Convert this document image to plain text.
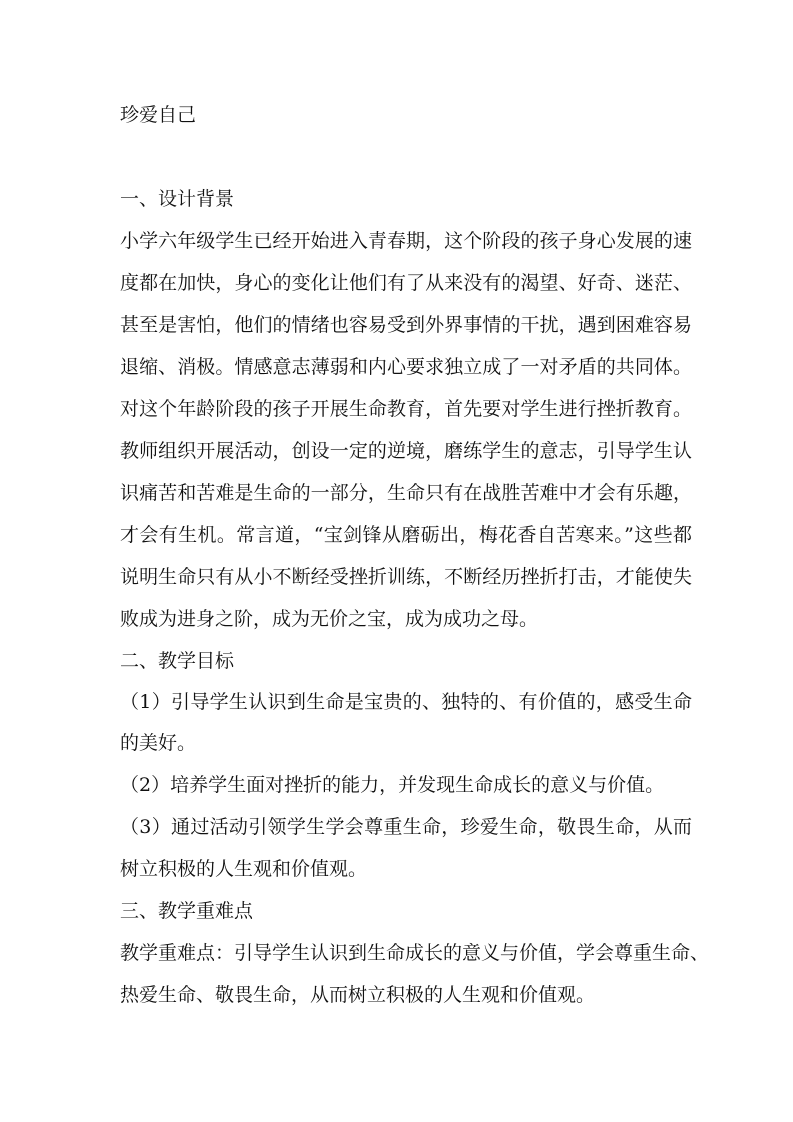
珍爱自己
一、设计背景
小学六年级学生已经开始进入青春期，这个阶段的孩子身心发展的速
度都在加快，身心的变化让他们有了从来没有的渴望、好奇、迷茫、
甚至是害怕，他们的情绪也容易受到外界事情的干扰，遇到困难容易
退缩、消极。情感意志薄弱和内心要求独立成了一对矛盾的共同体。
对这个年龄阶段的孩子开展生命教育，首先要对学生进行挫折教育。
教师组织开展活动，创设一定的逆境，磨练学生的意志，引导学生认
识痛苦和苦难是生命的一部分，生命只有在战胜苦难中才会有乐趣，
才会有生机。常言道，“宝剑锋从磨砺出，梅花香自苦寒来。”这些都
说明生命只有从小不断经受挫折训练，不断经历挫折打击，才能使失
败成为进身之阶，成为无价之宝，成为成功之母。
二、教学目标
（1）引导学生认识到生命是宝贵的、独特的、有价值的，感受生命
的美好。
（2）培养学生面对挫折的能力，并发现生命成长的意义与价值。
（3）通过活动引领学生学会尊重生命，珍爱生命，敬畏生命，从而
树立积极的人生观和价值观。
三、教学重难点
教学重难点：引导学生认识到生命成长的意义与价值，学会尊重生命、
热爱生命、敬畏生命，从而树立积极的人生观和价值观。
